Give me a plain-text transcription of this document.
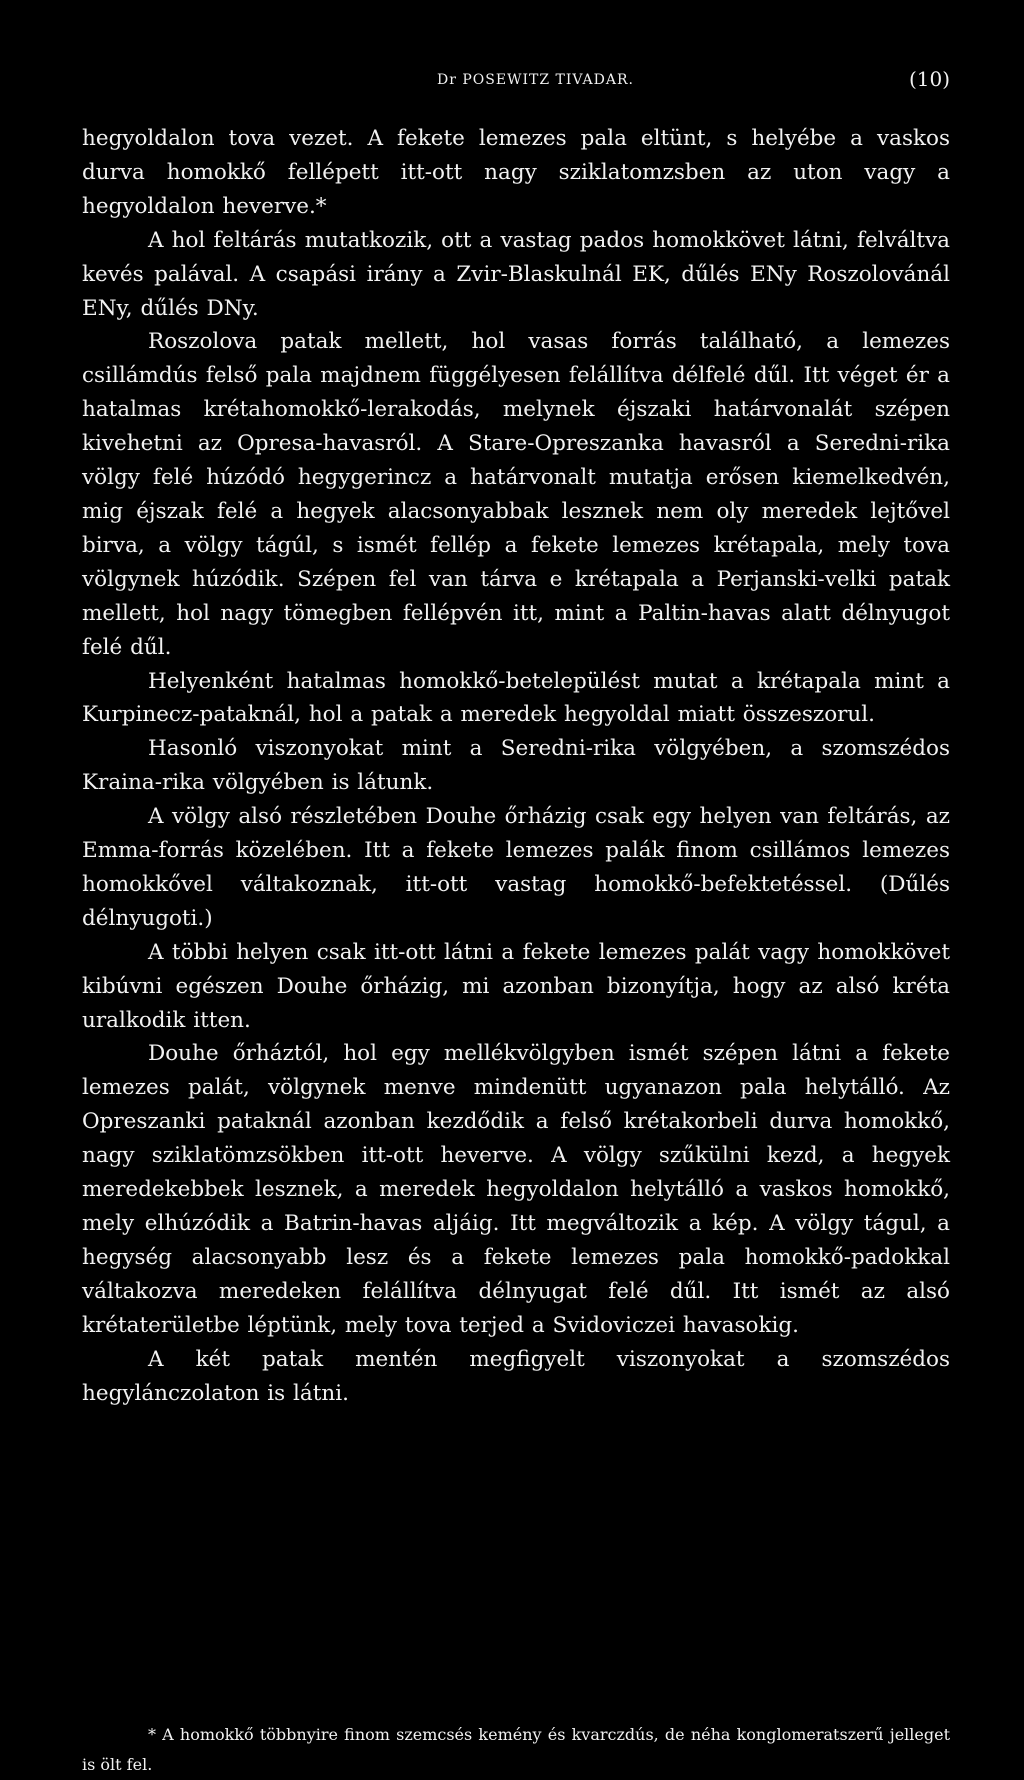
Dr POSEWITZ TIVADAR.	(10)

hegyoldalon tova vezet. A fekete lemezes pala eltünt, s helyébe a vaskos durva homokkő fellépett itt-ott nagy sziklatomzsben az uton vagy a hegyoldalon heverve.*

A hol feltárás mutatkozik, ott a vastag pados homokkövet látni, felváltva kevés palával. A csapási irány a Zvir-Blaskulnál EK, dűlés ENy Roszolovánál ENy, dűlés DNy.

Roszolova patak mellett, hol vasas forrás található, a lemezes csillámdús felső pala majdnem függélyesen felállítva délfelé dűl. Itt véget ér a hatalmas krétahomokkő-lerakodás, melynek éjszaki határvonalát szépen kivehetni az Opresa-havasról. A Stare-Opreszanka havasról a Seredni-rika völgy felé húzódó hegygerincz a határvonalt mutatja erősen kiemelkedvén, mig éjszak felé a hegyek alacsonyabbak lesznek nem oly meredek lejtővel birva, a völgy tágúl, s ismét fellép a fekete lemezes krétapala, mely tova völgynek húzódik. Szépen fel van tárva e krétapala a Perjanski-velki patak mellett, hol nagy tömegben fellépvén itt, mint a Paltin-havas alatt délnyugot felé dűl.

Helyenként hatalmas homokkő-betelepülést mutat a krétapala mint a Kurpinecz-pataknál, hol a patak a meredek hegyoldal miatt összeszorul.

Hasonló viszonyokat mint a Seredni-rika völgyében, a szomszédos Kraina-rika völgyében is látunk.

A völgy alsó részletében Douhe őrházig csak egy helyen van feltárás, az Emma-forrás közelében. Itt a fekete lemezes palák finom csillámos lemezes homokkővel váltakoznak, itt-ott vastag homokkő-befektetéssel. (Dűlés délnyugoti.)

A többi helyen csak itt-ott látni a fekete lemezes palát vagy homokkövet kibúvni egészen Douhe őrházig, mi azonban bizonyítja, hogy az alsó kréta uralkodik itten.

Douhe őrháztól, hol egy mellékvölgyben ismét szépen látni a fekete lemezes palát, völgynek menve mindenütt ugyanazon pala helytálló. Az Opreszanki pataknál azonban kezdődik a felső krétakorbeli durva homokkő, nagy sziklatömzsökben itt-ott heverve. A völgy szűkülni kezd, a hegyek meredekebbek lesznek, a meredek hegyoldalon helytálló a vaskos homokkő, mely elhúzódik a Batrin-havas aljáig. Itt megváltozik a kép. A völgy tágul, a hegység alacsonyabb lesz és a fekete lemezes pala homokkő-padokkal váltakozva meredeken felállítva délnyugat felé dűl. Itt ismét az alsó krétaterületbe léptünk, mely tova terjed a Svidoviczei havasokig.

A két patak mentén megfigyelt viszonyokat a szomszédos hegylánczolaton is látni.

* A homokkő többnyire finom szemcsés kemény és kvarczdús, de néha konglomeratszerű jelleget is ölt fel.
